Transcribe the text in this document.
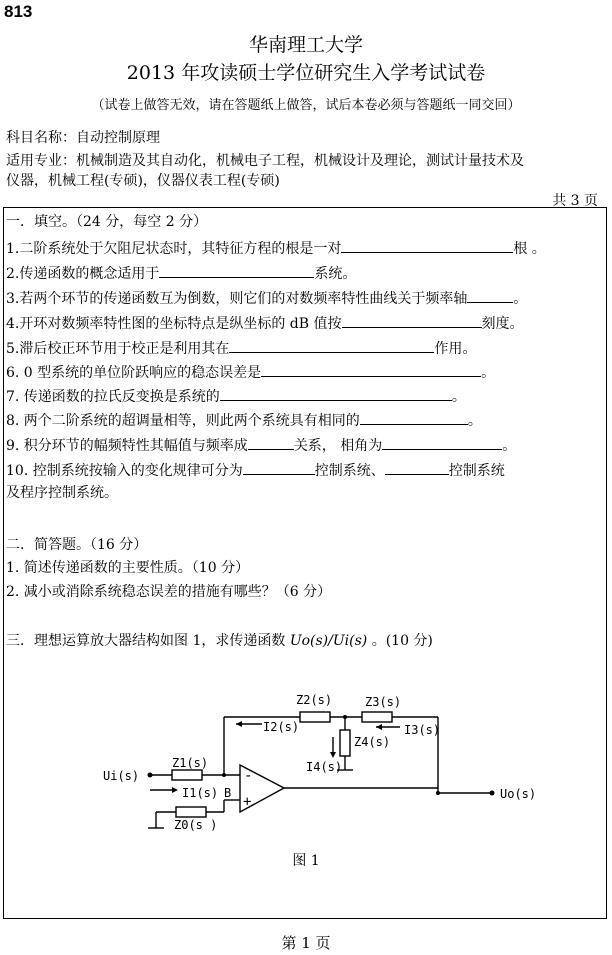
813
华南理工大学
2013 年攻读硕士学位研究生入学考试试卷
（试卷上做答无效，请在答题纸上做答，试后本卷必须与答题纸一同交回）
科目名称：自动控制原理
适用专业：机械制造及其自动化，机械电子工程，机械设计及理论，测试计量技术及
仪器，机械工程(专硕)，仪器仪表工程(专硕)
共 3 页
一．填空。（24 分，每空 2 分）
1.二阶系统处于欠阻尼状态时，其特征方程的根是一对	根 。
2.传递函数的概念适用于	系统。
3.若两个环节的传递函数互为倒数，则它们的对数频率特性曲线关于频率轴	。
4.开环对数频率特性图的坐标特点是纵坐标的 dB 值按	刻度。
5.滞后校正环节用于校正是利用其在	作用。
6. 0 型系统的单位阶跃响应的稳态误差是	。
7. 传递函数的拉氏反变换是系统的	。
8. 两个二阶系统的超调量相等，则此两个系统具有相同的	。
9. 积分环节的幅频特性其幅值与频率成	关系， 相角为	。
10. 控制系统按输入的变化规律可分为	控制系统、	控制系统
及程序控制系统。
二．简答题。（16 分）
1. 简述传递函数的主要性质。（10 分）
2. 减小或消除系统稳态误差的措施有哪些？（6 分）
三．理想运算放大器结构如图 1，求传递函数 Uo(s)/Ui(s) 。(10 分)
Z2(s)	Z3(s)
I2(s)	I3(s)
Z4(s)
I4(s)
Z1(s)
Ui(s)
I1(s) B
Z0(s )
-
+	Uo(s)
图 1
第 1 页
